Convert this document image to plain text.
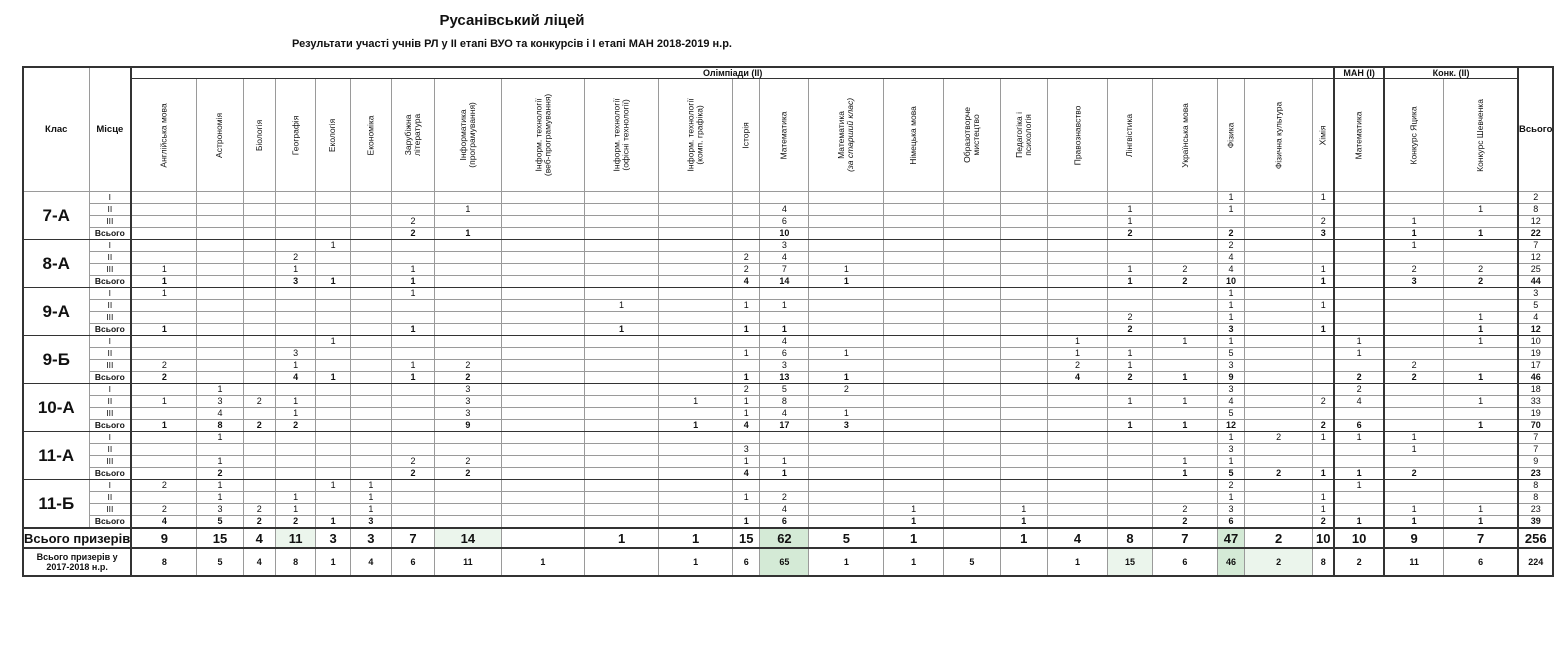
Русанівський ліцей
Результати участі учнів РЛ у ІІ етапі ВУО та конкурсів і І етапі МАН 2018-2019 н.р.
Клас	Місце	Олімпіади (ІІ)																							МАН (І)	Конк. (ІІ)		Всього
		Англійська мова	Астрономія	Біологія	Географія	Екологія	Економіка	Зарубіжна
література	Інформатика
(програмування)	Інформ. технології
(веб-програмування)	Інформ. технології
(офісні технології)	Інформ. технології
(комп. графіка)	Історія	Математика	Математика
(за старший клас)	Німецька мова	Образотворче
мистецтво	Педагогіка і
психологія	Правознавство	Лінгвістика	Українська мова	Фізика	Фізична культура	Хімія	Математика	Конкурс Яцика	Конкурс Шевченка	
7-А	I																					1		1				2
	II								1					4						1		1					1	8
	III							2						6						1				2		1		12
	Всього							2	1					10						2		2		3		1	1	22
8-А	I					1								3								2				1		7
	II				2								2	4								4						12
	III	1			1			1					2	7	1					1	2	4		1		2	2	25
	Всього	1			3	1		1					4	14	1					1	2	10		1		3	2	44
9-А	I	1						1														1						3
	II										1		1	1								1		1				5
	III																			2		1					1	4
	Всього	1						1			1		1	1						2		3		1			1	12
9-Б	I					1								4					1		1	1			1		1	10
	II				3								1	6	1				1	1		5			1			19
	III	2			1			1	2					3					2	1		3				2		17
	Всього	2			4	1		1	2				1	13	1				4	2	1	9			2	2	1	46
10-А	I		1						3				2	5	2							3			2			18
	II	1	3	2	1				3			1	1	8						1	1	4		2	4		1	33
	III		4		1				3				1	4	1							5						19
	Всього	1	8	2	2				9			1	4	17	3					1	1	12		2	6		1	70
11-А	I		1																			1	2	1	1	1		7
	II												3									3				1		7
	III		1					2	2				1	1							1	1						9
	Всього		2					2	2				4	1							1	5	2	1	1	2		23
11-Б	I	2	1			1	1															2			1			8
	II		1		1		1						1	2								1		1				8
	III	2	3	2	1		1							4		1		1			2	3		1		1	1	23
	Всього	4	5	2	2	1	3						1	6		1		1			2	6		2	1	1	1	39
Всього призерів		9	15	4	11	3	3	7	14		1	1	15	62	5	1		1	4	8	7	47	2	10	10	9	7	256
Всього призерів у 2017-2018 н.р.		8	5	4	8	1	4	6	11	1		1	6	65	1	1	5		1	15	6	46	2	8	2	11	6	224
